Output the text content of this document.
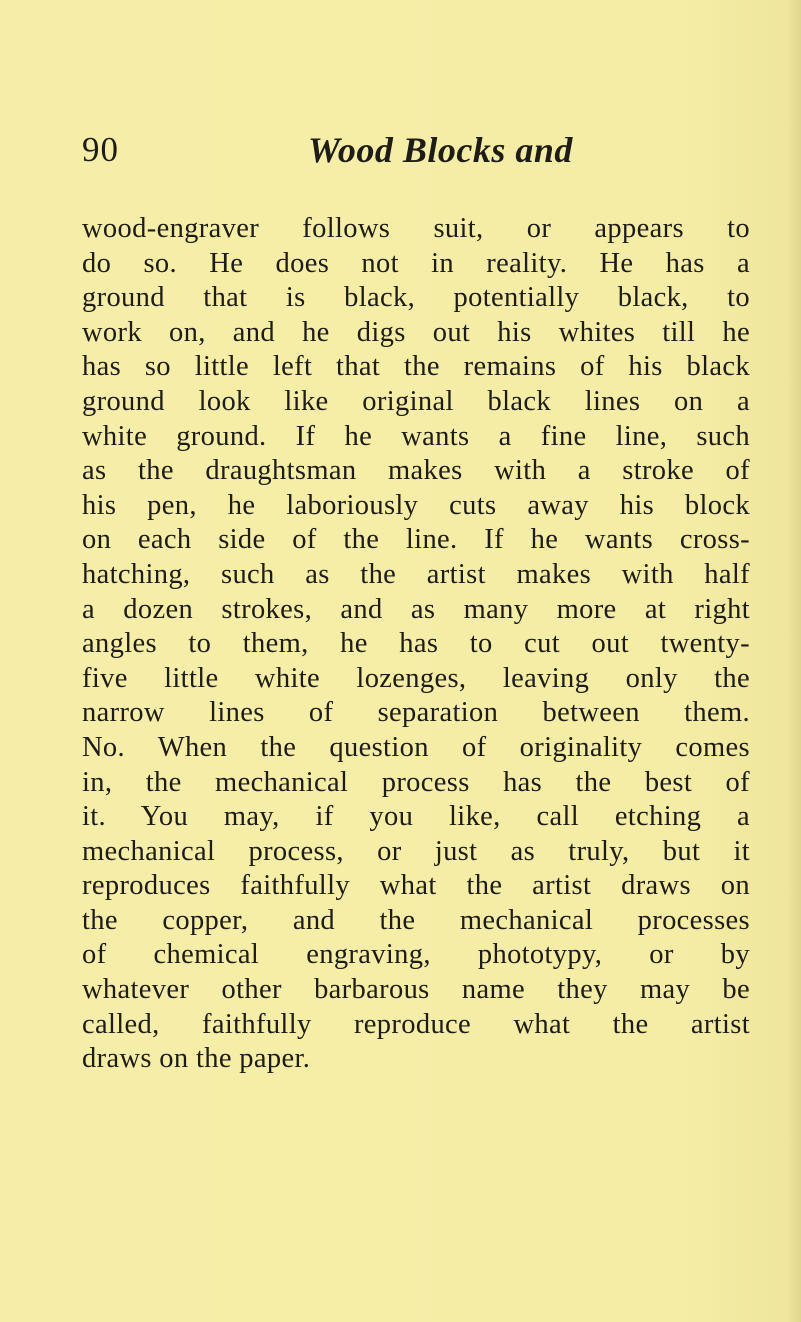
90	Wood Blocks and

wood-engraver follows suit, or appears to
do so. He does not in reality. He has a
ground that is black, potentially black, to
work on, and he digs out his whites till he
has so little left that the remains of his black
ground look like original black lines on a
white ground. If he wants a fine line, such
as the draughtsman makes with a stroke of
his pen, he laboriously cuts away his block
on each side of the line. If he wants cross-
hatching, such as the artist makes with half
a dozen strokes, and as many more at right
angles to them, he has to cut out twenty-
five little white lozenges, leaving only the
narrow lines of separation between them.
No. When the question of originality comes
in, the mechanical process has the best of
it. You may, if you like, call etching a
mechanical process, or just as truly, but it
reproduces faithfully what the artist draws on
the copper, and the mechanical processes
of chemical engraving, phototypy, or by
whatever other barbarous name they may be
called, faithfully reproduce what the artist
draws on the paper.
